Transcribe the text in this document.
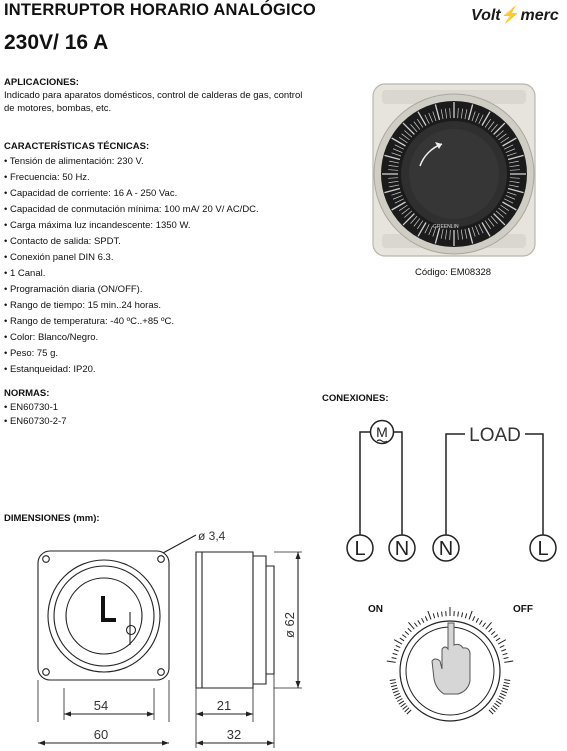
INTERRUPTOR HORARIO ANALÓGICO
230V/ 16 A
Volt⚡merc
APLICACIONES:
Indicado para aparatos domésticos, control de calderas de gas, control de motores, bombas, etc.
CARACTERÍSTICAS TÉCNICAS:
• Tensión de alimentación: 230 V.
• Frecuencia: 50 Hz.
• Capacidad de corriente: 16 A - 250 Vac.
• Capacidad de conmutación mínima: 100 mA/ 20 V/ AC/DC.
• Carga máxima luz incandescente: 1350 W.
• Contacto de salida: SPDT.
• Conexión panel DIN 6.3.
• 1 Canal.
• Programación diaria (ON/OFF).
• Rango de tiempo: 15 min..24 horas.
• Rango de temperatura: -40 ºC..+85 ºC.
• Color: Blanco/Negro.
• Peso: 75 g.
• Estanqueidad: IP20.
NORMAS:
• EN60730-1
• EN60730-2-7
GREENLIN
Código: EM08328
CONEXIONES:
M	LOAD
L N N	L
DIMENSIONES (mm):
ø 3,4
54
60
21
32
ø 62
ON	OFF
